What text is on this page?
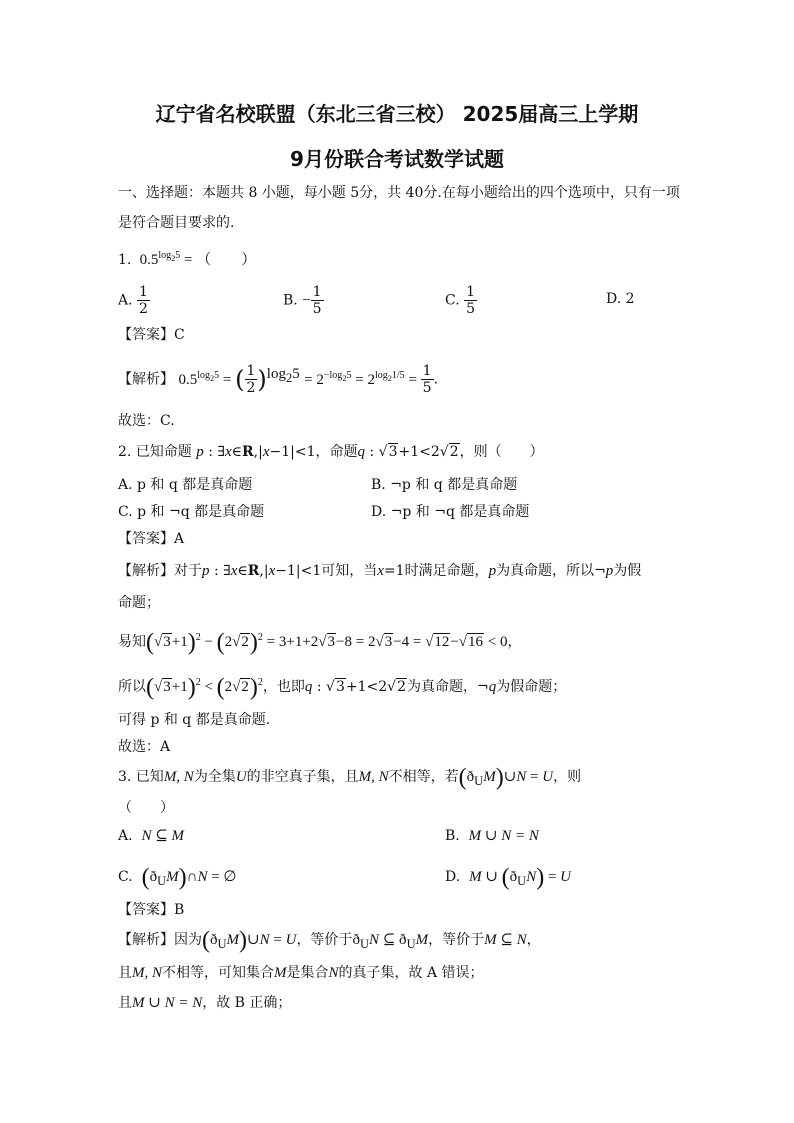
辽宁省名校联盟（东北三省三校） 2025届高三上学期
9月份联合考试数学试题
一、选择题：本题共 8 小题，每小题 5分，共 40分.在每小题给出的四个选项中，只有一项
是符合题目要求的.
1.  $0.5^{log_25}$ = （　　）
A. $\frac{1}{2}$	B. − $\frac{1}{5}$	C. $\frac{1}{5}$	D. 2
【答案】C
【解析】 $0.5^{log_25}$ = ( $\frac{1}{2} )^{log_25} = 2^{-log_25} = 2^{log_21/5} = \frac{1}{5}$ .
故选：C.
2. 已知命题 p : ∃x∈R,|x−1|<1，命题q : √3+1<2√2，则（　　）
A. p 和 q 都是真命题	B. ¬p 和 q 都是真命题
C. p 和 ¬q 都是真命题	D. ¬p 和 ¬q 都是真命题
【答案】A
【解析】对于p : ∃x∈R,|x−1|<1可知，当x=1时满足命题，p为真命题，所以¬p为假
命题；
易知$(√3+1)^2 - (2√2)^2 = 3+1+2√3-8 = 2√3-4 = √12-√16 < 0$，
所以$(√3+1)^2 < (2√2)^2$，也即q : √3+1<2√2为真命题，¬q为假命题；
可得 p 和 q 都是真命题.
故选：A
3. 已知M, N为全集U的非空真子集，且M, N不相等，若$(ð_UM)\cup N = U$，则
（　　）
A.  N ⊆ M	B.  M ∪ N = N
C.  $(ð_UM)\cap N$ = ∅	D.  M ∪ $(ð_UN) = U$
【答案】B
【解析】因为$(ð_UM)\cup N = U$，等价于$ð_UN$ ⊆ $ð_UM$，等价于M ⊆ N，
且M, N不相等，可知集合M是集合N的真子集，故 A 错误；
且M ∪ N = N，故 B 正确；
